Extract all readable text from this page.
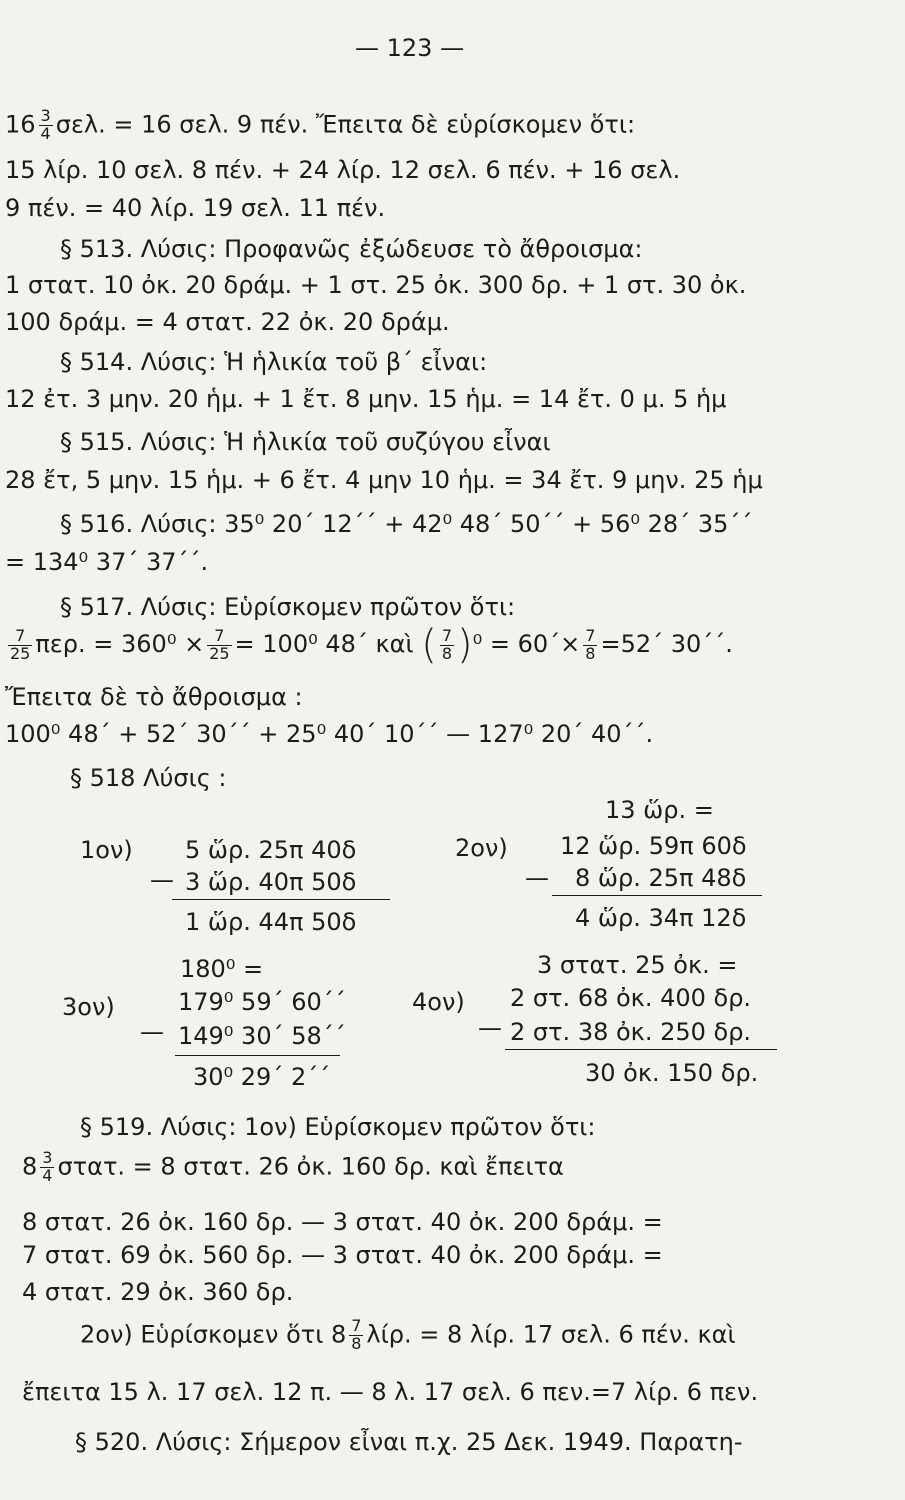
— 123 —
$16 \frac{3}{4} \sigma\varepsilon\lambda$. = 16 σελ. 9 πέν. Ἔπειτα δὲ εὑρίσκομεν ὅτι:
15 λίρ. 10 σελ. 8 πέν. + 24 λίρ. 12 σελ. 6 πέν. + 16 σελ.
9 πέν. = 40 λίρ. 19 σελ. 11 πέν.
§ 513. Λύσις: Προφανῶς ἐξώδευσε τὸ ἄθροισμα:
1 στατ. 10 ὀκ. 20 δράμ. + 1 στ. 25 ὀκ. 300 δρ. + 1 στ. 30 ὀκ.
100 δράμ. = 4 στατ. 22 ὀκ. 20 δράμ.
§ 514. Λύσις: Ἡ ἡλικία τοῦ β΄ εἶναι:
12 ἐτ. 3 μην. 20 ἡμ. + 1 ἔτ. 8 μην. 15 ἡμ. = 14 ἔτ. 0 μ. 5 ἡμ
§ 515. Λύσις: Ἡ ἡλικία τοῦ συζύγου εἶναι
28 ἔτ, 5 μην. 15 ἡμ. + 6 ἔτ. 4 μην 10 ἡμ. = 34 ἔτ. 9 μην. 25 ἡμ
§ 516. Λύσις: 35⁰ 20΄ 12΄΄ + 42⁰ 48΄ 50΄΄ + 56⁰ 28΄ 35΄΄
= 134⁰ 37΄ 37΄΄.
§ 517. Λύσις: Εὑρίσκομεν πρῶτον ὅτι:
$\frac{7}{25} \pi\varepsilon\rho$. = $360^0 \times \frac{7}{25} = 100^0$ 48΄ καὶ ( $\frac{7}{8} )^0 = 60΄\times \frac{7}{8} =52΄$ 30΄΄.
Ἔπειτα δὲ τὸ ἄθροισμα :
100⁰ 48΄ + 52΄ 30΄΄ + 25⁰ 40΄ 10΄΄ — 127⁰ 20΄ 40΄΄.
§ 518 Λύσις :
1ον) 5 ὥρ. 25π 40δ
— 3 ὥρ. 40π 50δ
1 ὥρ. 44π 50δ
13 ὥρ. =
2ον) 12 ὥρ. 59π 60δ
— 8 ὥρ. 25π 48δ
4 ὥρ. 34π 12δ
180⁰ =
3ον)	179⁰ 59΄ 60΄΄
— 149⁰ 30΄ 58΄΄
30⁰ 29΄ 2΄΄
3 στατ. 25 ὀκ. =
4ον) 2 στ. 68 ὀκ. 400 δρ.
— 2 στ. 38 ὀκ. 250 δρ.
30 ὀκ. 150 δρ.
§ 519. Λύσις: 1ον) Εὑρίσκομεν πρῶτον ὅτι:
$8 \frac{3}{4} \sigma\tau\alpha\tau$. = 8 στατ. 26 ὀκ. 160 δρ. καὶ ἔπειτα
8 στατ. 26 ὀκ. 160 δρ. — 3 στατ. 40 ὀκ. 200 δράμ. =
7 στατ. 69 ὀκ. 560 δρ. — 3 στατ. 40 ὀκ. 200 δράμ. =
4 στατ. 29 ὀκ. 360 δρ.
2ον) Εὑρίσκομεν ὅτι $8 \frac{7}{8} \lambda ί\rho$. = 8 λίρ. 17 σελ. 6 πέν. καὶ
ἔπειτα 15 λ. 17 σελ. 12 π. — 8 λ. 17 σελ. 6 πεν.=7 λίρ. 6 πεν.
§ 520. Λύσις: Σήμερον εἶναι π.χ. 25 Δεκ. 1949. Παρατη-
